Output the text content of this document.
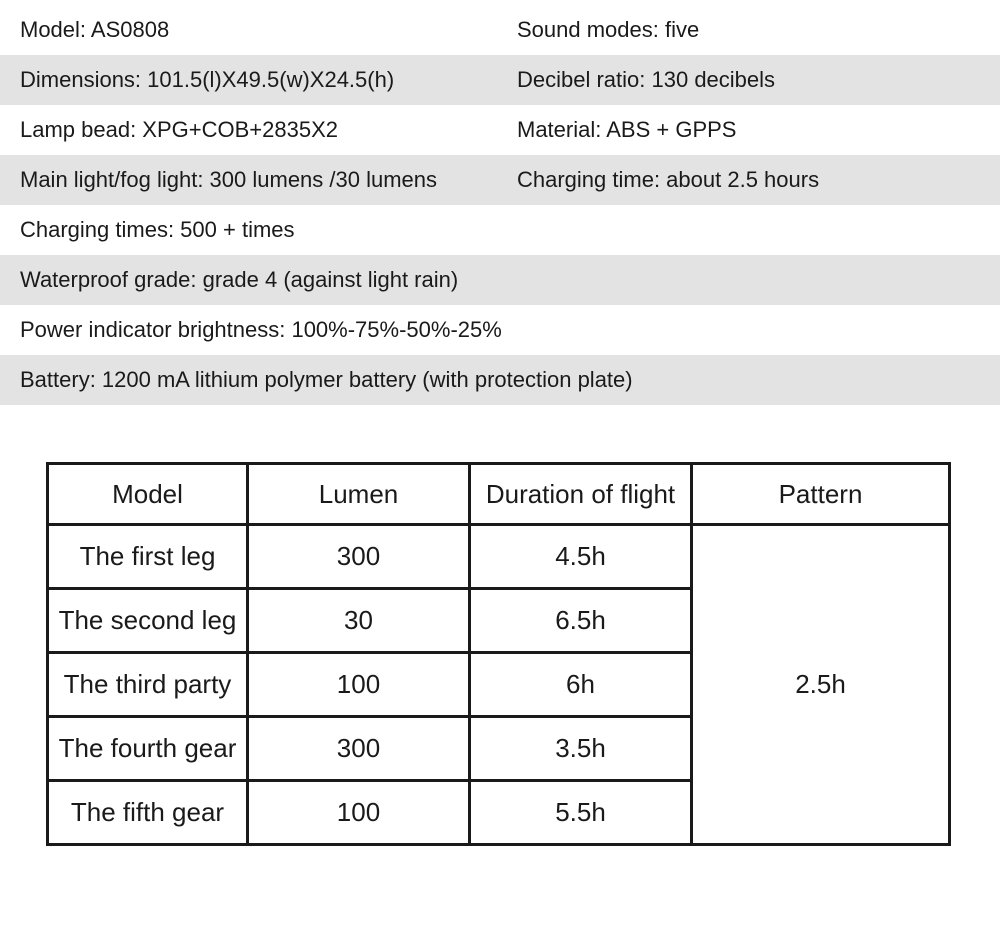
Model: AS0808	Sound modes: five
Dimensions: 101.5(l)X49.5(w)X24.5(h)	Decibel ratio: 130 decibels
Lamp bead: XPG+COB+2835X2	Material: ABS + GPPS
Main light/fog light: 300 lumens /30 lumens	Charging time: about 2.5 hours
Charging times: 500 + times
Waterproof grade: grade 4 (against light rain)
Power indicator brightness: 100%-75%-50%-25%
Battery: 1200 mA lithium polymer battery (with protection plate)
Model	Lumen	Duration of flight	Pattern
The first leg	300	4.5h	2.5h
The second leg	30	6.5h	
The third party	100	6h	
The fourth gear	300	3.5h	
The fifth gear	100	5.5h	
